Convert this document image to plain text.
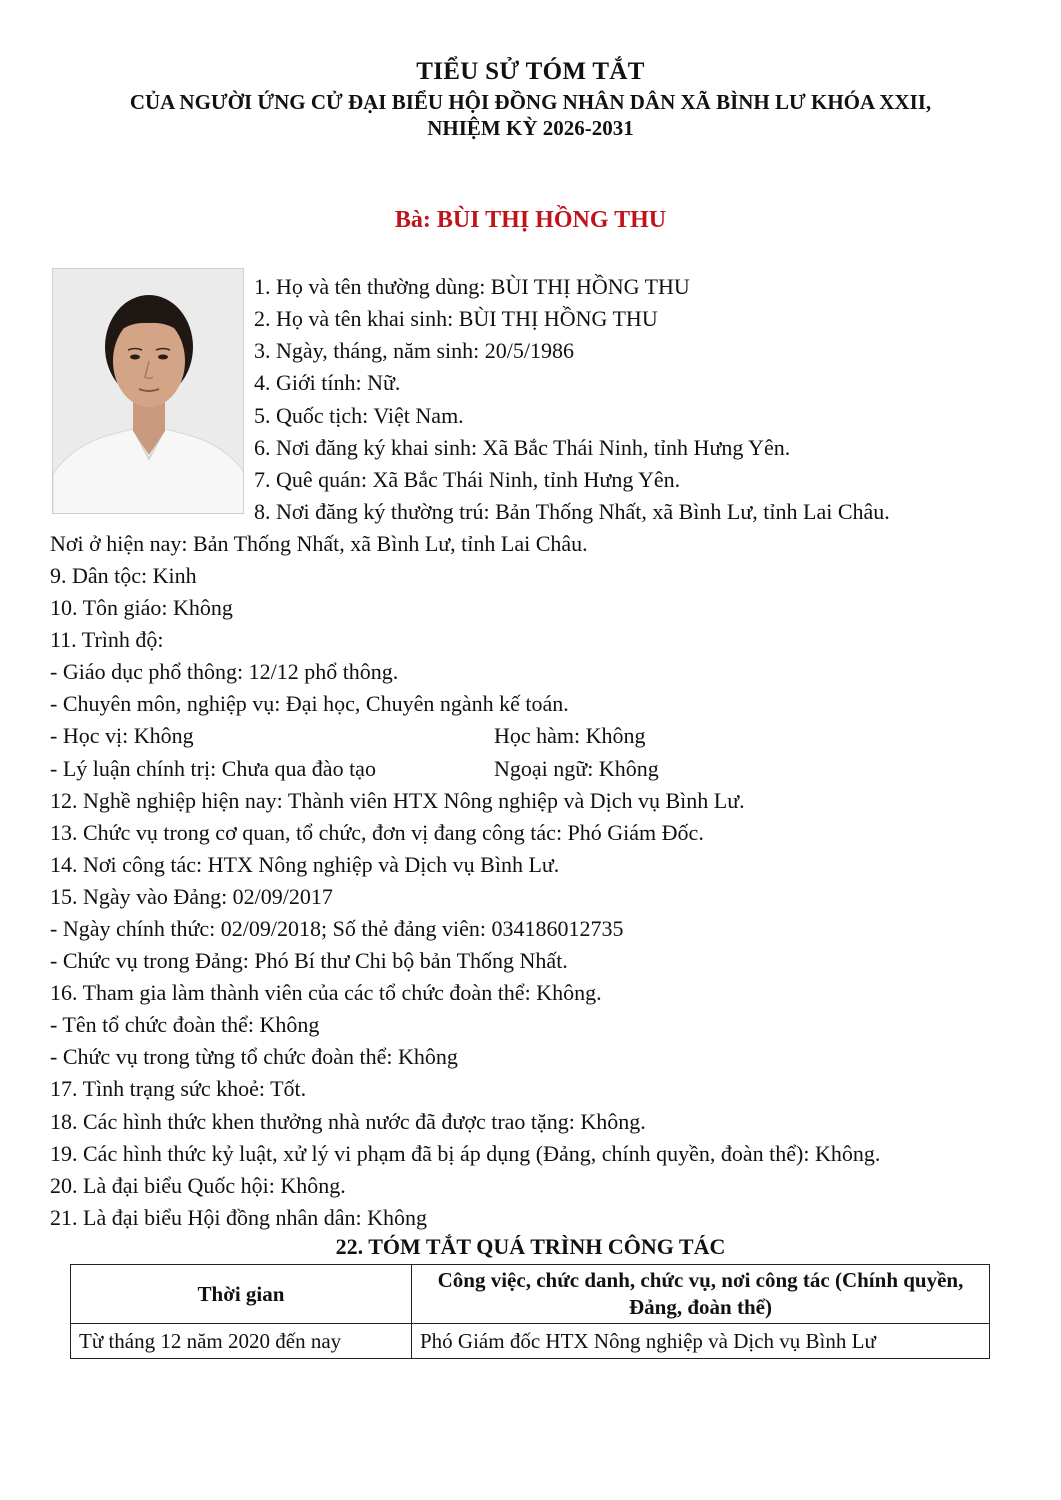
TIỂU SỬ TÓM TẮT
CỦA NGƯỜI ỨNG CỬ ĐẠI BIỂU HỘI ĐỒNG NHÂN DÂN XÃ BÌNH LƯ KHÓA XXII,
NHIỆM KỲ 2026-2031
Bà: BÙI THỊ HỒNG THU
1. Họ và tên thường dùng: BÙI THỊ HỒNG THU
2. Họ và tên khai sinh: BÙI THỊ HỒNG THU
3. Ngày, tháng, năm sinh: 20/5/1986
4. Giới tính: Nữ.
5. Quốc tịch: Việt Nam.
6. Nơi đăng ký khai sinh: Xã Bắc Thái Ninh, tỉnh Hưng Yên.
7. Quê quán: Xã Bắc Thái Ninh, tỉnh Hưng Yên.
8. Nơi đăng ký thường trú: Bản Thống Nhất, xã Bình Lư, tỉnh Lai Châu.
Nơi ở hiện nay: Bản Thống Nhất, xã Bình Lư, tỉnh Lai Châu.
9. Dân tộc: Kinh
10. Tôn giáo: Không
11. Trình độ:
- Giáo dục phổ thông: 12/12 phổ thông.
- Chuyên môn, nghiệp vụ: Đại học, Chuyên ngành kế toán.
- Học vị: Không	Học hàm: Không
- Lý luận chính trị: Chưa qua đào tạo	Ngoại ngữ: Không
12. Nghề nghiệp hiện nay: Thành viên HTX Nông nghiệp và Dịch vụ Bình Lư.
13. Chức vụ trong cơ quan, tổ chức, đơn vị đang công tác: Phó Giám Đốc.
14. Nơi công tác: HTX Nông nghiệp và Dịch vụ Bình Lư.
15. Ngày vào Đảng: 02/09/2017
- Ngày chính thức: 02/09/2018; Số thẻ đảng viên: 034186012735
- Chức vụ trong Đảng: Phó Bí thư Chi bộ bản Thống Nhất.
16. Tham gia làm thành viên của các tổ chức đoàn thể: Không.
- Tên tổ chức đoàn thể: Không
- Chức vụ trong từng tổ chức đoàn thể: Không
17. Tình trạng sức khoẻ: Tốt.
18. Các hình thức khen thưởng nhà nước đã được trao tặng: Không.
19. Các hình thức kỷ luật, xử lý vi phạm đã bị áp dụng (Đảng, chính quyền, đoàn thể): Không.
20. Là đại biểu Quốc hội: Không.
21. Là đại biểu Hội đồng nhân dân: Không
22. TÓM TẮT QUÁ TRÌNH CÔNG TÁC
Thời gian	Công việc, chức danh, chức vụ, nơi công tác (Chính quyền, Đảng, đoàn thể)
Từ tháng 12 năm 2020 đến nay	Phó Giám đốc HTX Nông nghiệp và Dịch vụ Bình Lư
